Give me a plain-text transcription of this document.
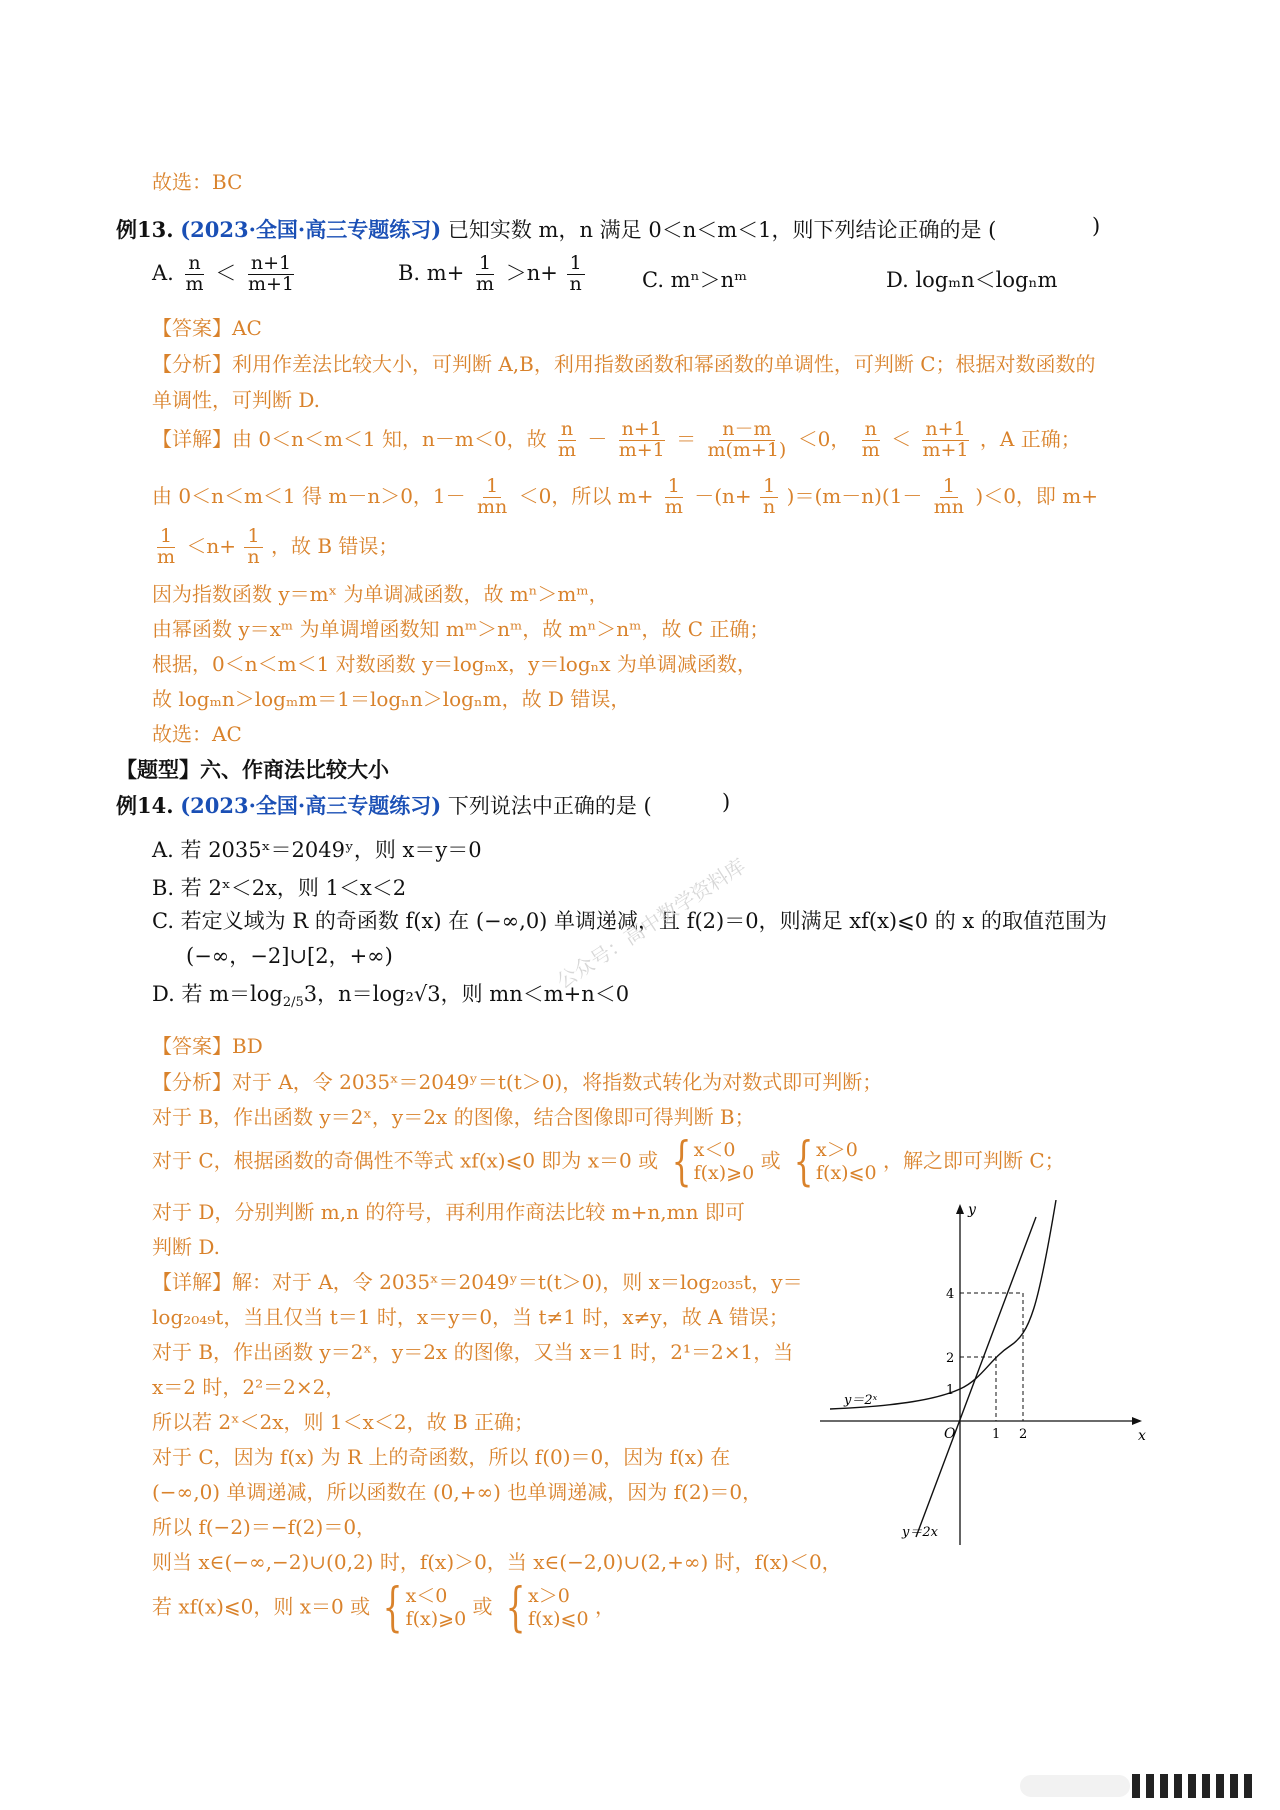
故选：BC
例13. (2023·全国·高三专题练习) 已知实数 m，n 满足 0＜n＜m＜1，则下列结论正确的是 (	)
A. $\frac{n}{m} < \frac{n+1}{m+1}$	B. $m+ \frac{1}{m} >n+ \frac{1}{n}$	C. mⁿ＞nᵐ	D. logₘn＜logₙm
【答案】AC
【分析】利用作差法比较大小，可判断 A,B，利用指数函数和幂函数的单调性，可判断 C；根据对数函数的
单调性，可判断 D.
【详解】由 0＜n＜m＜1 知，n－m＜0，故 $\frac{n}{m} - \frac{n+1}{m+1} = \frac{n-m}{m(m+1)} <0$， $\frac{n}{m} < \frac{n+1}{m+1}$ ，A 正确；
由 0＜n＜m＜1 得 m－n＞0，$1- \frac{1}{mn} <0$，所以 $m+ \frac{1}{m} -(n+ \frac{1}{n} )=(m-n)(1- \frac{1}{mn} )<0$，即 m+
$\frac{1}{m} <n+ \frac{1}{n}$ ，故 B 错误；
因为指数函数 y＝mˣ 为单调减函数，故 mⁿ＞mᵐ，
由幂函数 y＝xᵐ 为单调增函数知 mᵐ＞nᵐ，故 mⁿ＞nᵐ，故 C 正确；
根据，0＜n＜m＜1 对数函数 y＝logₘx，y＝logₙx 为单调减函数，
故 logₘn＞logₘm＝1＝logₙn＞logₙm，故 D 错误，
故选：AC
【题型】六、作商法比较大小
例14. (2023·全国·高三专题练习) 下列说法中正确的是 (	)
A. 若 2035ˣ＝2049ʸ，则 x＝y＝0
B. 若 2ˣ＜2x，则 1＜x＜2
C. 若定义域为 R 的奇函数 f(x) 在 (−∞,0) 单调递减，且 f(2)＝0，则满足 xf(x)⩽0 的 x 的取值范围为
(−∞，−2]∪[2，+∞)
D. 若 $m=\log_{2/5}3$，n＝log₂√3，则 mn＜m+n＜0
公众号：高中数学资料库
【答案】BD
【分析】对于 A，令 2035ˣ＝2049ʸ＝t(t＞0)，将指数式转化为对数式即可判断；
对于 B，作出函数 y＝2ˣ，y＝2x 的图像，结合图像即可得判断 B；
对于 C，根据函数的奇偶性不等式 xf(x)⩽0 即为 x＝0 或 { x＜0
f(x)⩾0
或 { x＞0
f(x)⩽0
，解之即可判断 C；
对于 D，分别判断 m,n 的符号，再利用作商法比较 m+n,mn 即可
判断 D.
【详解】解：对于 A，令 2035ˣ＝2049ʸ＝t(t＞0)，则 x＝log₂₀₃₅t，y＝
log₂₀₄₉t，当且仅当 t＝1 时，x＝y＝0，当 t≠1 时，x≠y，故 A 错误；
对于 B，作出函数 y＝2ˣ，y＝2x 的图像，又当 x＝1 时，2¹＝2×1，当
x＝2 时，2²＝2×2，
所以若 2ˣ＜2x，则 1＜x＜2，故 B 正确；
对于 C，因为 f(x) 为 R 上的奇函数，所以 f(0)＝0，因为 f(x) 在
(−∞,0) 单调递减，所以函数在 (0,+∞) 也单调递减，因为 f(2)＝0，
所以 f(−2)＝−f(2)＝0，
则当 x∈(−∞,−2)∪(0,2) 时，f(x)＞0，当 x∈(−2,0)∪(2,+∞) 时，f(x)＜0，
若 xf(x)⩽0，则 x＝0 或 { x＜0
f(x)⩾0
或 { x＞0
f(x)⩽0
，
y
x
O
4
2
1
1 2
y＝2ˣ
y＝2x
